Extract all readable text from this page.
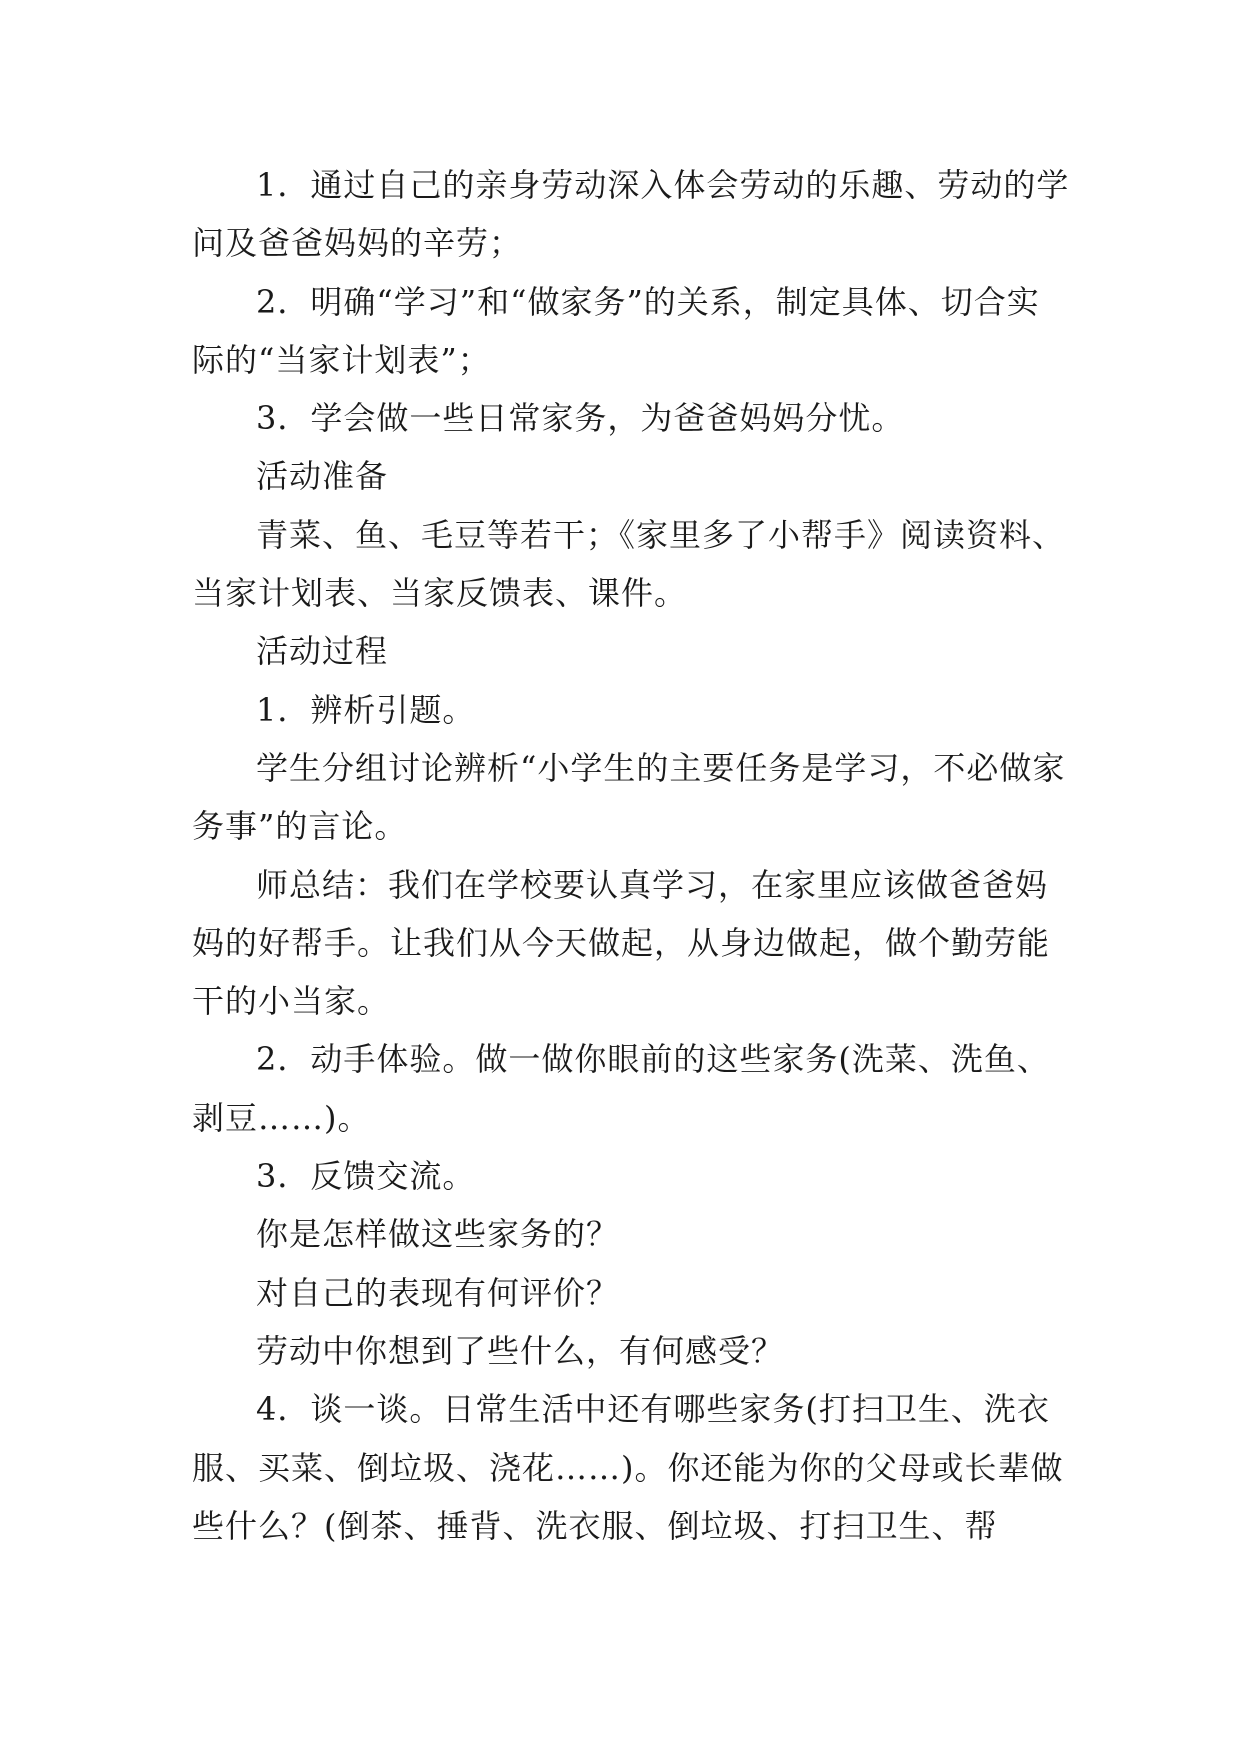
1．通过自己的亲身劳动深入体会劳动的乐趣、劳动的学问及爸爸妈妈的辛劳；

2．明确“学习”和“做家务”的关系，制定具体、切合实际的“当家计划表”；

3．学会做一些日常家务，为爸爸妈妈分忧。

活动准备

青菜、鱼、毛豆等若干；《家里多了小帮手》阅读资料、当家计划表、当家反馈表、课件。

活动过程

1．辨析引题。

学生分组讨论辨析“小学生的主要任务是学习，不必做家务事”的言论。

师总结：我们在学校要认真学习，在家里应该做爸爸妈妈的好帮手。让我们从今天做起，从身边做起，做个勤劳能干的小当家。

2．动手体验。做一做你眼前的这些家务(洗菜、洗鱼、剥豆……)。

3．反馈交流。

你是怎样做这些家务的？

对自己的表现有何评价？

劳动中你想到了些什么，有何感受？

4．谈一谈。日常生活中还有哪些家务(打扫卫生、洗衣服、买菜、倒垃圾、浇花……)。你还能为你的父母或长辈做些什么？(倒茶、捶背、洗衣服、倒垃圾、打扫卫生、帮
